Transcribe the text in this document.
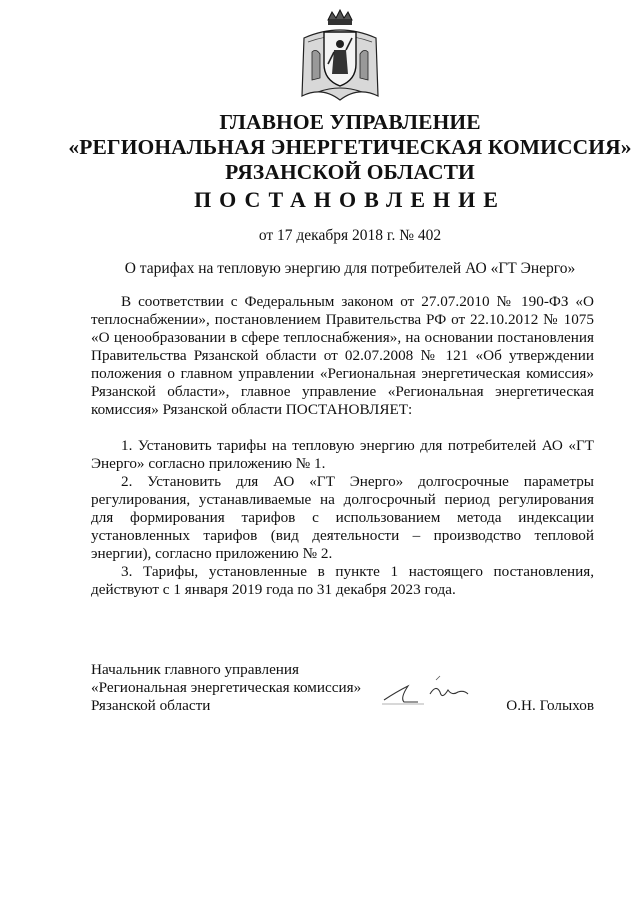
ГЛАВНОЕ УПРАВЛЕНИЕ
«РЕГИОНАЛЬНАЯ ЭНЕРГЕТИЧЕСКАЯ КОМИССИЯ»
РЯЗАНСКОЙ ОБЛАСТИ
ПОСТАНОВЛЕНИЕ
от 17 декабря 2018 г. № 402
О тарифах на тепловую энергию для потребителей АО «ГТ Энерго»

В соответствии с Федеральным законом от 27.07.2010 № 190-ФЗ «О теплоснабжении», постановлением Правительства РФ от 22.10.2012 № 1075 «О ценообразовании в сфере теплоснабжения», на основании постановления Правительства Рязанской области от 02.07.2008 № 121 «Об утверждении положения о главном управлении «Региональная энергетическая комиссия» Рязанской области», главное управление «Региональная энергетическая комиссия» Рязанской области ПОСТАНОВЛЯЕТ:

1. Установить тарифы на тепловую энергию для потребителей АО «ГТ Энерго» согласно приложению № 1.

2. Установить для АО «ГТ Энерго» долгосрочные параметры регулирования, устанавливаемые на долгосрочный период регулирования для формирования тарифов с использованием метода индексации установленных тарифов (вид деятельности – производство тепловой энергии), согласно приложению № 2.

3. Тарифы, установленные в пункте 1 настоящего постановления, действуют с 1 января 2019 года по 31 декабря 2023 года.

Начальник главного управления
«Региональная энергетическая комиссия»
Рязанской области	О.Н. Голыхов
